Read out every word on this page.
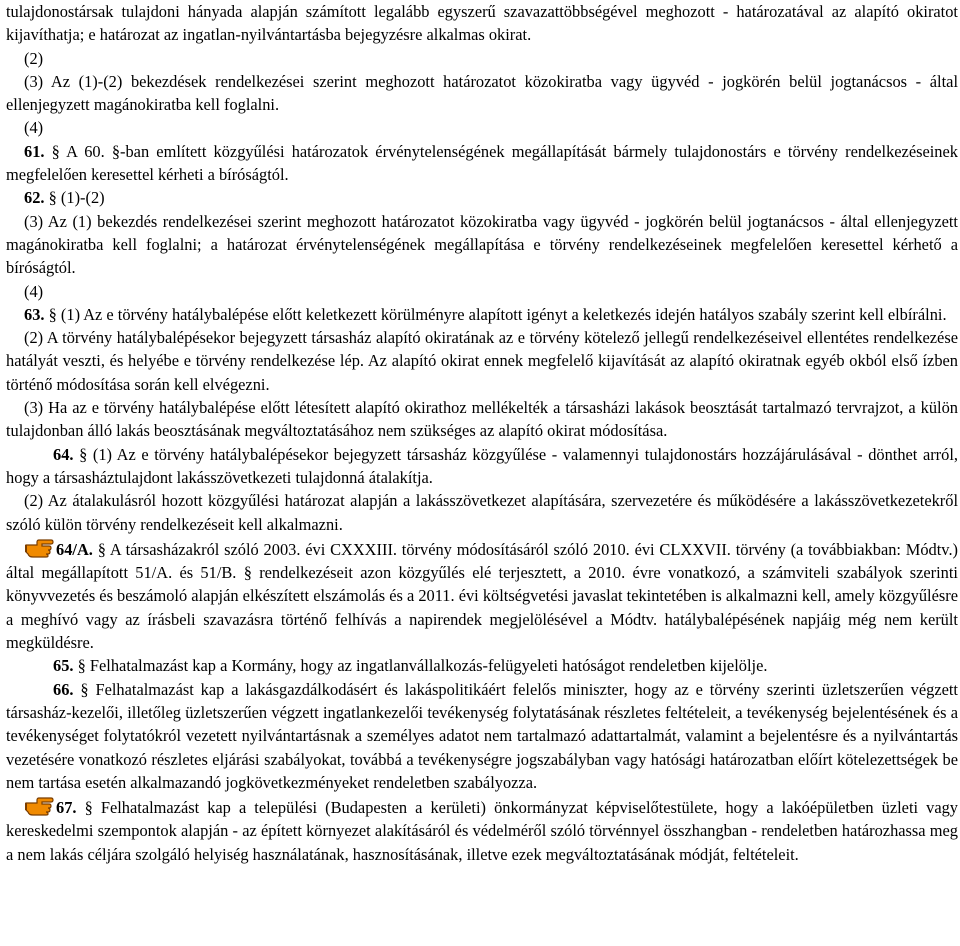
tulajdonostársak tulajdoni hányada alapján számított legalább egyszerű szavazattöbbségével meghozott - határozatával az alapító okiratot kijavíthatja; e határozat az ingatlan-nyilvántartásba bejegyzésre alkalmas okirat.

(2)

(3) Az (1)-(2) bekezdések rendelkezései szerint meghozott határozatot közokiratba vagy ügyvéd - jogkörén belül jogtanácsos - által ellenjegyzett magánokiratba kell foglalni.

(4)

61. § A 60. §-ban említett közgyűlési határozatok érvénytelenségének megállapítását bármely tulajdonostárs e törvény rendelkezéseinek megfelelően keresettel kérheti a bíróságtól.

62. § (1)-(2)

(3) Az (1) bekezdés rendelkezései szerint meghozott határozatot közokiratba vagy ügyvéd - jogkörén belül jogtanácsos - által ellenjegyzett magánokiratba kell foglalni; a határozat érvénytelenségének megállapítása e törvény rendelkezéseinek megfelelően keresettel kérhető a bíróságtól.

(4)

63. § (1) Az e törvény hatálybalépése előtt keletkezett körülményre alapított igényt a keletkezés idején hatályos szabály szerint kell elbírálni.

(2) A törvény hatálybalépésekor bejegyzett társasház alapító okiratának az e törvény kötelező jellegű rendelkezéseivel ellentétes rendelkezése hatályát veszti, és helyébe e törvény rendelkezése lép. Az alapító okirat ennek megfelelő kijavítását az alapító okiratnak egyéb okból első ízben történő módosítása során kell elvégezni.

(3) Ha az e törvény hatálybalépése előtt létesített alapító okirathoz mellékelték a társasházi lakások beosztását tartalmazó tervrajzot, a külön tulajdonban álló lakás beosztásának megváltoztatásához nem szükséges az alapító okirat módosítása.

64. § (1) Az e törvény hatálybalépésekor bejegyzett társasház közgyűlése - valamennyi tulajdonostárs hozzájárulásával - dönthet arról, hogy a társasháztulajdont lakásszövetkezeti tulajdonná átalakítja.

(2) Az átalakulásról hozott közgyűlési határozat alapján a lakásszövetkezet alapítására, szervezetére és működésére a lakásszövetkezetekről szóló külön törvény rendelkezéseit kell alkalmazni.

64/A. § A társasházakról szóló 2003. évi CXXXIII. törvény módosításáról szóló 2010. évi CLXXVII. törvény (a továbbiakban: Módtv.) által megállapított 51/A. és 51/B. § rendelkezéseit azon közgyűlés elé terjesztett, a 2010. évre vonatkozó, a számviteli szabályok szerinti könyvvezetés és beszámoló alapján elkészített elszámolás és a 2011. évi költségvetési javaslat tekintetében is alkalmazni kell, amely közgyűlésre a meghívó vagy az írásbeli szavazásra történő felhívás a napirendek megjelölésével a Módtv. hatálybalépésének napjáig még nem került megküldésre.

65. § Felhatalmazást kap a Kormány, hogy az ingatlanvállalkozás-felügyeleti hatóságot rendeletben kijelölje.

66. § Felhatalmazást kap a lakásgazdálkodásért és lakáspolitikáért felelős miniszter, hogy az e törvény szerinti üzletszerűen végzett társasház-kezelői, illetőleg üzletszerűen végzett ingatlankezelői tevékenység folytatásának részletes feltételeit, a tevékenység bejelentésének és a tevékenységet folytatókról vezetett nyilvántartásnak a személyes adatot nem tartalmazó adattartalmát, valamint a bejelentésre és a nyilvántartás vezetésére vonatkozó részletes eljárási szabályokat, továbbá a tevékenységre jogszabályban vagy hatósági határozatban előírt kötelezettségek be nem tartása esetén alkalmazandó jogkövetkezményeket rendeletben szabályozza.

67. § Felhatalmazást kap a települési (Budapesten a kerületi) önkormányzat képviselőtestülete, hogy a lakóépületben üzleti vagy kereskedelmi szempontok alapján - az épített környezet alakításáról és védelméről szóló törvénnyel összhangban - rendeletben határozhassa meg a nem lakás céljára szolgáló helyiség használatának, hasznosításának, illetve ezek megváltoztatásának módját, feltételeit.
